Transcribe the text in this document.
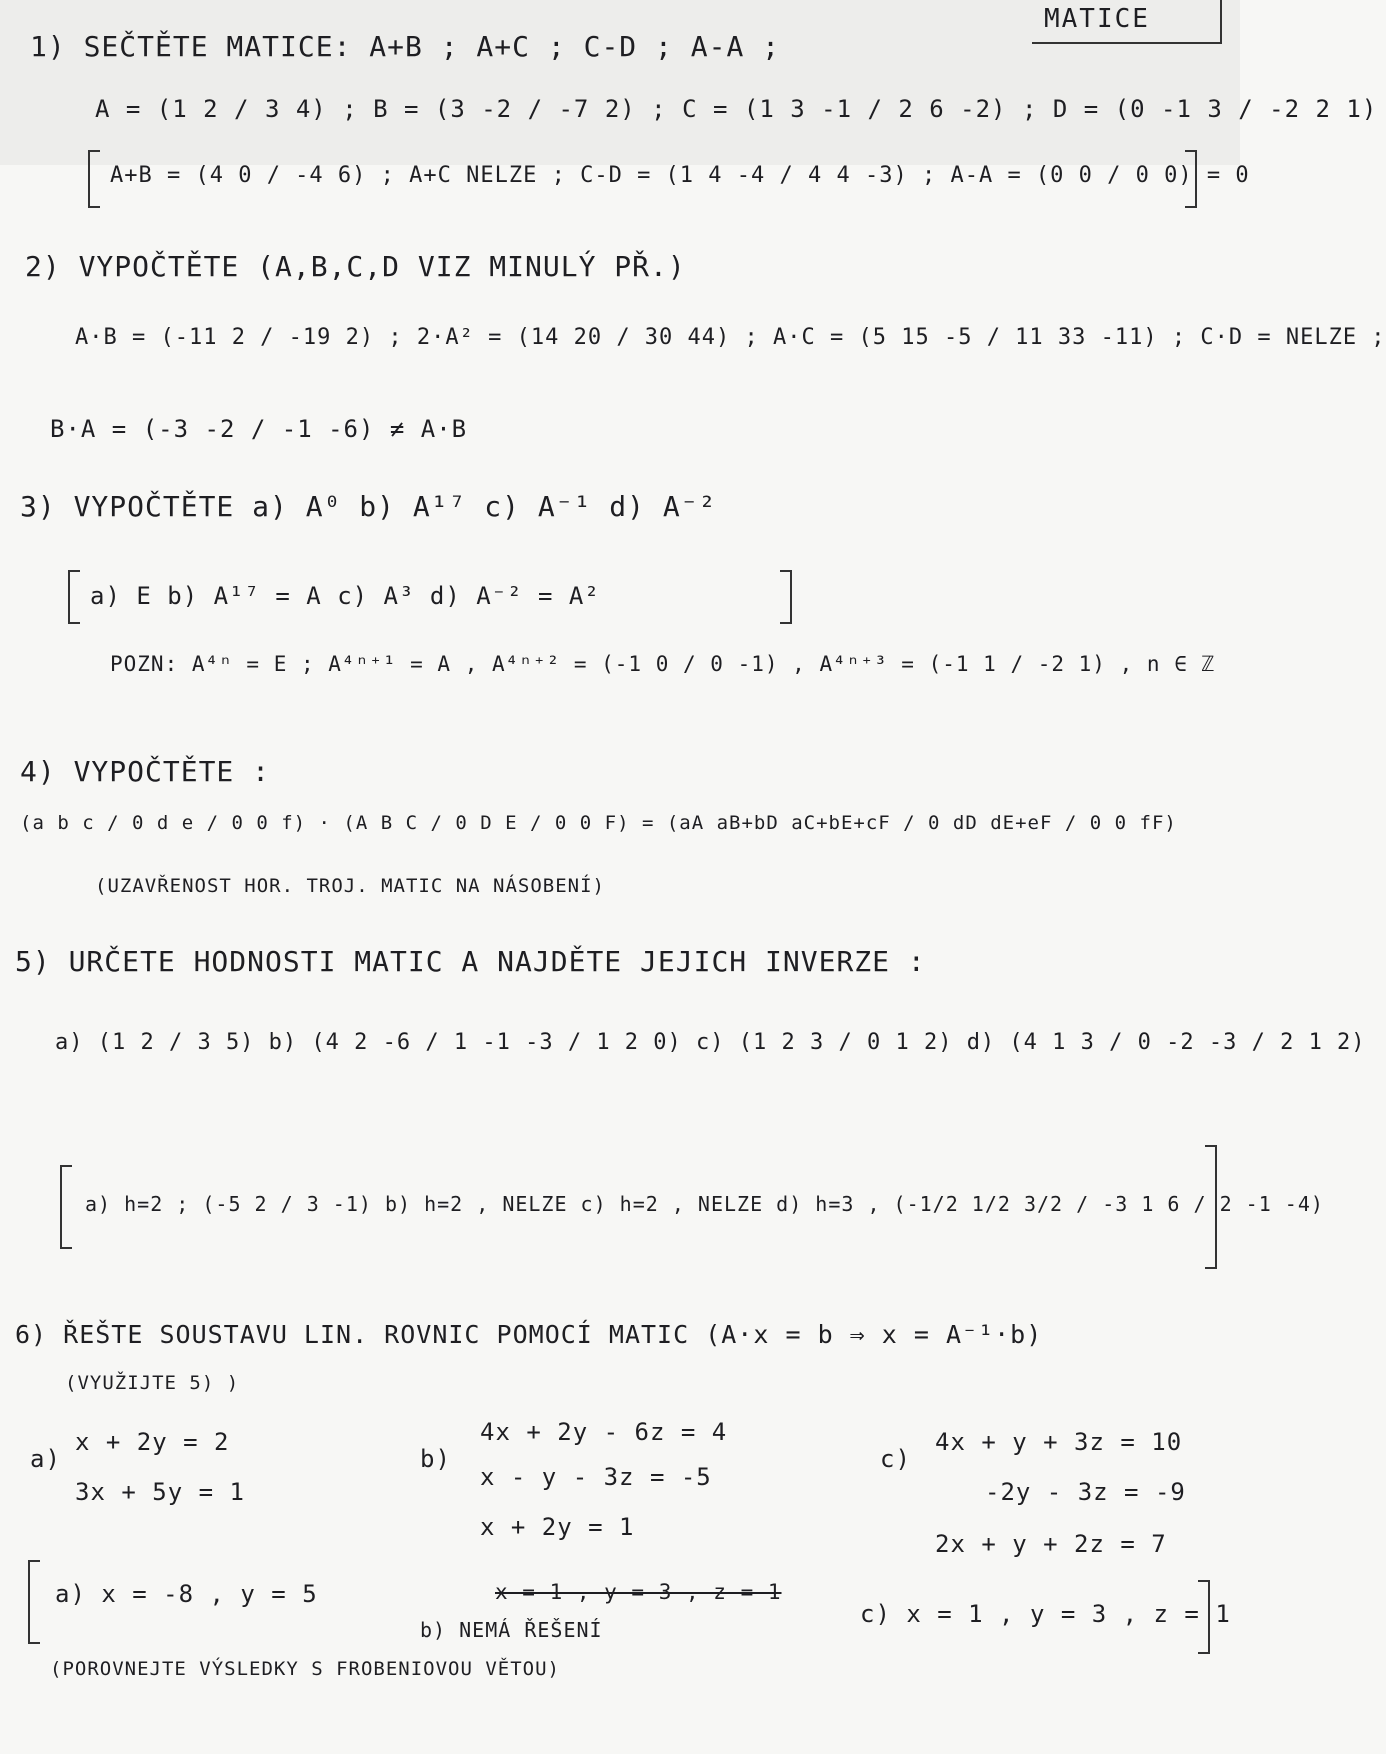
MATICE
1) SEČTĚTE MATICE: A+B ; A+C ; C-D ; A-A ;
A = (1 2 / 3 4) ; B = (3 -2 / -7 2) ; C = (1 3 -1 / 2 6 -2) ; D = (0 -1 3 / -2 2 1)
A+B = (4 0 / -4 6) ; A+C NELZE ; C-D = (1 4 -4 / 4 4 -3) ; A-A = (0 0 / 0 0) = 0
2) VYPOČTĚTE (A,B,C,D VIZ MINULÝ PŘ.)
A·B = (-11 2 / -19 2) ; 2·A² = (14 20 / 30 44) ; A·C = (5 15 -5 / 11 33 -11) ; C·D = NELZE ;
B·A = (-3 -2 / -1 -6) ≠ A·B
3) VYPOČTĚTE a) A⁰ b) A¹⁷ c) A⁻¹ d) A⁻²
a) E b) A¹⁷ = A c) A³ d) A⁻² = A²
POZN: A⁴ⁿ = E ; A⁴ⁿ⁺¹ = A , A⁴ⁿ⁺² = (-1 0 / 0 -1) , A⁴ⁿ⁺³ = (-1 1 / -2 1) , n ∈ ℤ
4) VYPOČTĚTE :
(a b c / 0 d e / 0 0 f) · (A B C / 0 D E / 0 0 F) = (aA aB+bD aC+bE+cF / 0 dD dE+eF / 0 0 fF)
(UZAVŘENOST HOR. TROJ. MATIC NA NÁSOBENÍ)
5) URČETE HODNOSTI MATIC A NAJDĚTE JEJICH INVERZE :
a) (1 2 / 3 5) b) (4 2 -6 / 1 -1 -3 / 1 2 0) c) (1 2 3 / 0 1 2) d) (4 1 3 / 0 -2 -3 / 2 1 2)
a) h=2 ; (-5 2 / 3 -1) b) h=2 , NELZE c) h=2 , NELZE d) h=3 , (-1/2 1/2 3/2 / -3 1 6 / 2 -1 -4)
6) ŘEŠTE SOUSTAVU LIN. ROVNIC POMOCÍ MATIC (A·x = b ⇒ x = A⁻¹·b)
(VYUŽIJTE 5) )
a)
x + 2y = 2
3x + 5y = 1
b)
4x + 2y - 6z = 4
x - y - 3z = -5
x + 2y = 1
c)
4x + y + 3z = 10
-2y - 3z = -9
2x + y + 2z = 7
a) x = -8 , y = 5	x = 1 , y = 3 , z = 1
b) NEMÁ ŘEŠENÍ
c) x = 1 , y = 3 , z = 1
(POROVNEJTE VÝSLEDKY S FROBENIOVOU VĚTOU)
